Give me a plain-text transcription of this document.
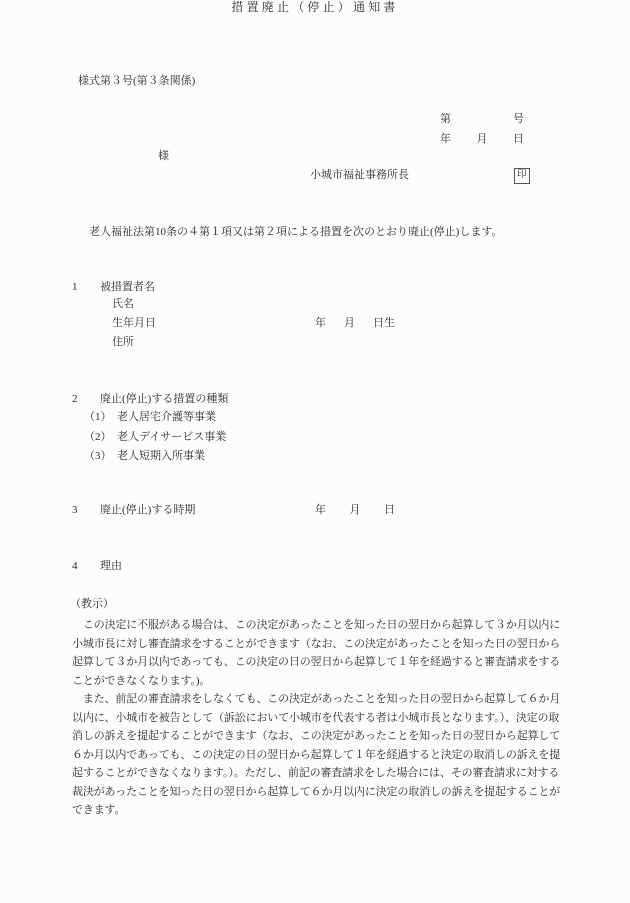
様式第３号(第３条関係)
措置廃止（停止）通知書
第	号
年 月 日
様
小城市福祉事務所長	印
老人福祉法第10条の４第１項又は第２項による措置を次のとおり廃止(停止)します。
1	被措置者名
氏名
生年月日	年 月 日生
住所
2	廃止(停止)する措置の種類
（1）　老人居宅介護等事業
（2）　老人デイサービス事業
（3）　老人短期入所事業
3	廃止(停止)する時期	年 月 日
4	理由
（教示）
　この決定に不服がある場合は、この決定があったことを知った日の翌日から起算して３か月以内に
小城市長に対し審査請求をすることができます（なお、この決定があったことを知った日の翌日から
起算して３か月以内であっても、この決定の日の翌日から起算して１年を経過すると審査請求をする
ことができなくなります。)。
　また、前記の審査請求をしなくても、この決定があったことを知った日の翌日から起算して６か月
以内に、小城市を被告として（訴訟において小城市を代表する者は小城市長となります。）、決定の取
消しの訴えを提起することができます（なお、この決定があったことを知った日の翌日から起算して
６か月以内であっても、この決定の日の翌日から起算して１年を経過すると決定の取消しの訴えを提
起することができなくなります。）。ただし、前記の審査請求をした場合には、その審査請求に対する
裁決があったことを知った日の翌日から起算して６か月以内に決定の取消しの訴えを提起することが
できます。
